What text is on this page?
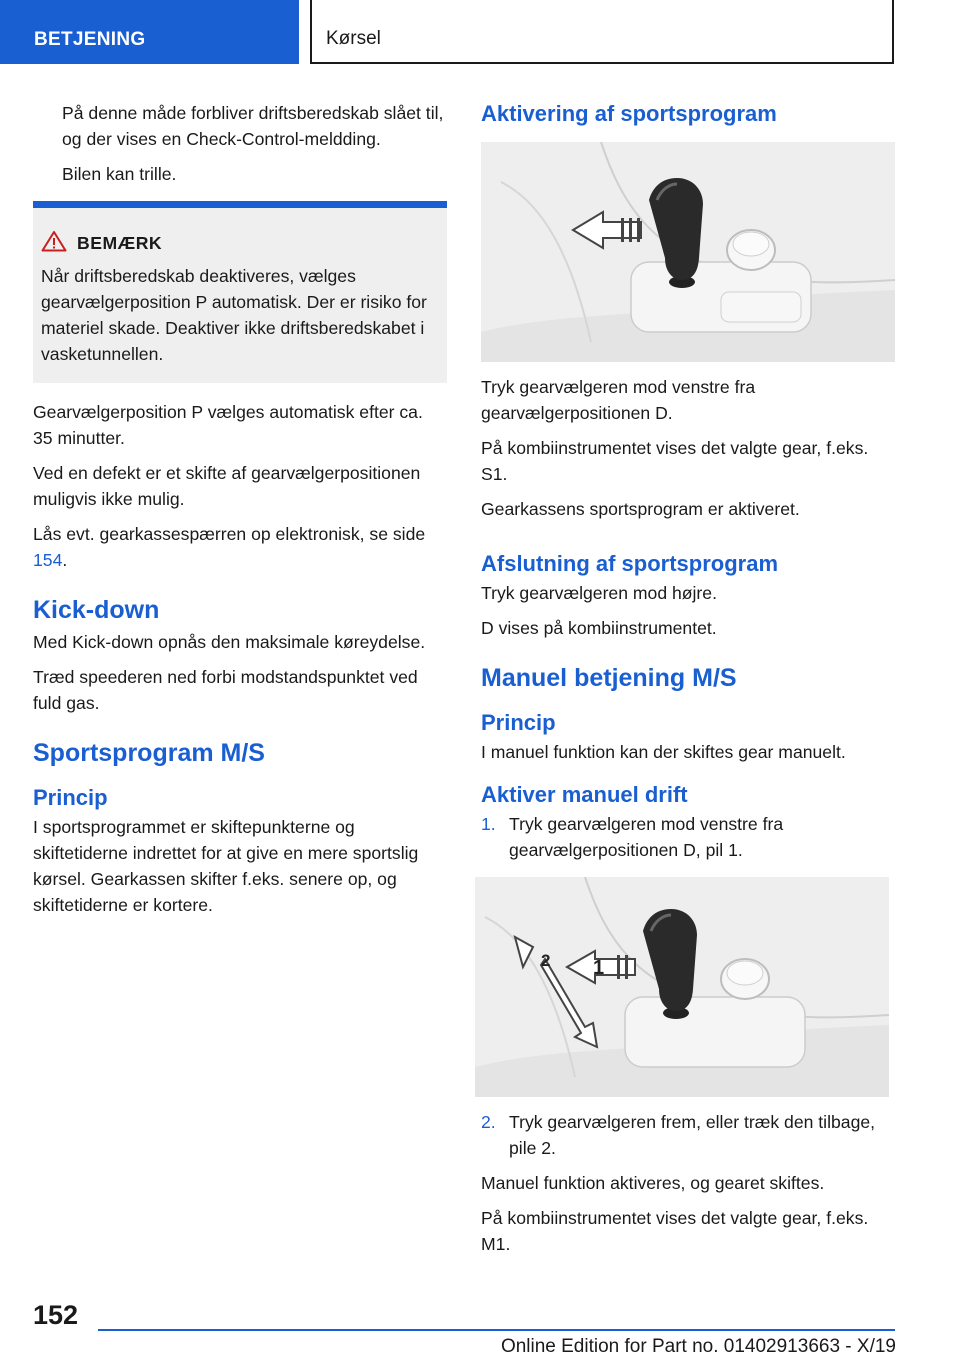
BETJENING	Kørsel

På denne måde forbliver driftsberedskab slået til, og der vises en Check-Control-meldding.

Bilen kan trille.

BEMÆRK

Når driftsberedskab deaktiveres, vælges gearvælgerposition P automatisk. Der er risiko for materiel skade. Deaktiver ikke driftsberedskabet i vasketunnellen.

Gearvælgerposition P vælges automatisk efter ca. 35 minutter.

Ved en defekt er et skifte af gearvælgerpositionen muligvis ikke mulig.

Lås evt. gearkassespærren op elektronisk, se side 154.

Kick-down

Med Kick-down opnås den maksimale køreydelse.

Træd speederen ned forbi modstandspunktet ved fuld gas.

Sportsprogram M/S
Princip

I sportsprogrammet er skiftepunkterne og skiftetiderne indrettet for at give en mere sportslig kørsel. Gearkassen skifter f.eks. senere op, og skiftetiderne er kortere.

Aktivering af sportsprogram

Tryk gearvælgeren mod venstre fra gearvælgerpositionen D.

På kombiinstrumentet vises det valgte gear, f.eks. S1.

Gearkassens sportsprogram er aktiveret.

Afslutning af sportsprogram

Tryk gearvælgeren mod højre.

D vises på kombiinstrumentet.

Manuel betjening M/S
Princip

I manuel funktion kan der skiftes gear manuelt.

Aktiver manuel drift
1. Tryk gearvælgeren mod venstre fra gearvælgerpositionen D, pil 1.
1
2
2. Tryk gearvælgeren frem, eller træk den tilbage, pile 2.

Manuel funktion aktiveres, og gearet skiftes.

På kombiinstrumentet vises det valgte gear, f.eks. M1.

152
Online Edition for Part no. 01402913663 - X/19
